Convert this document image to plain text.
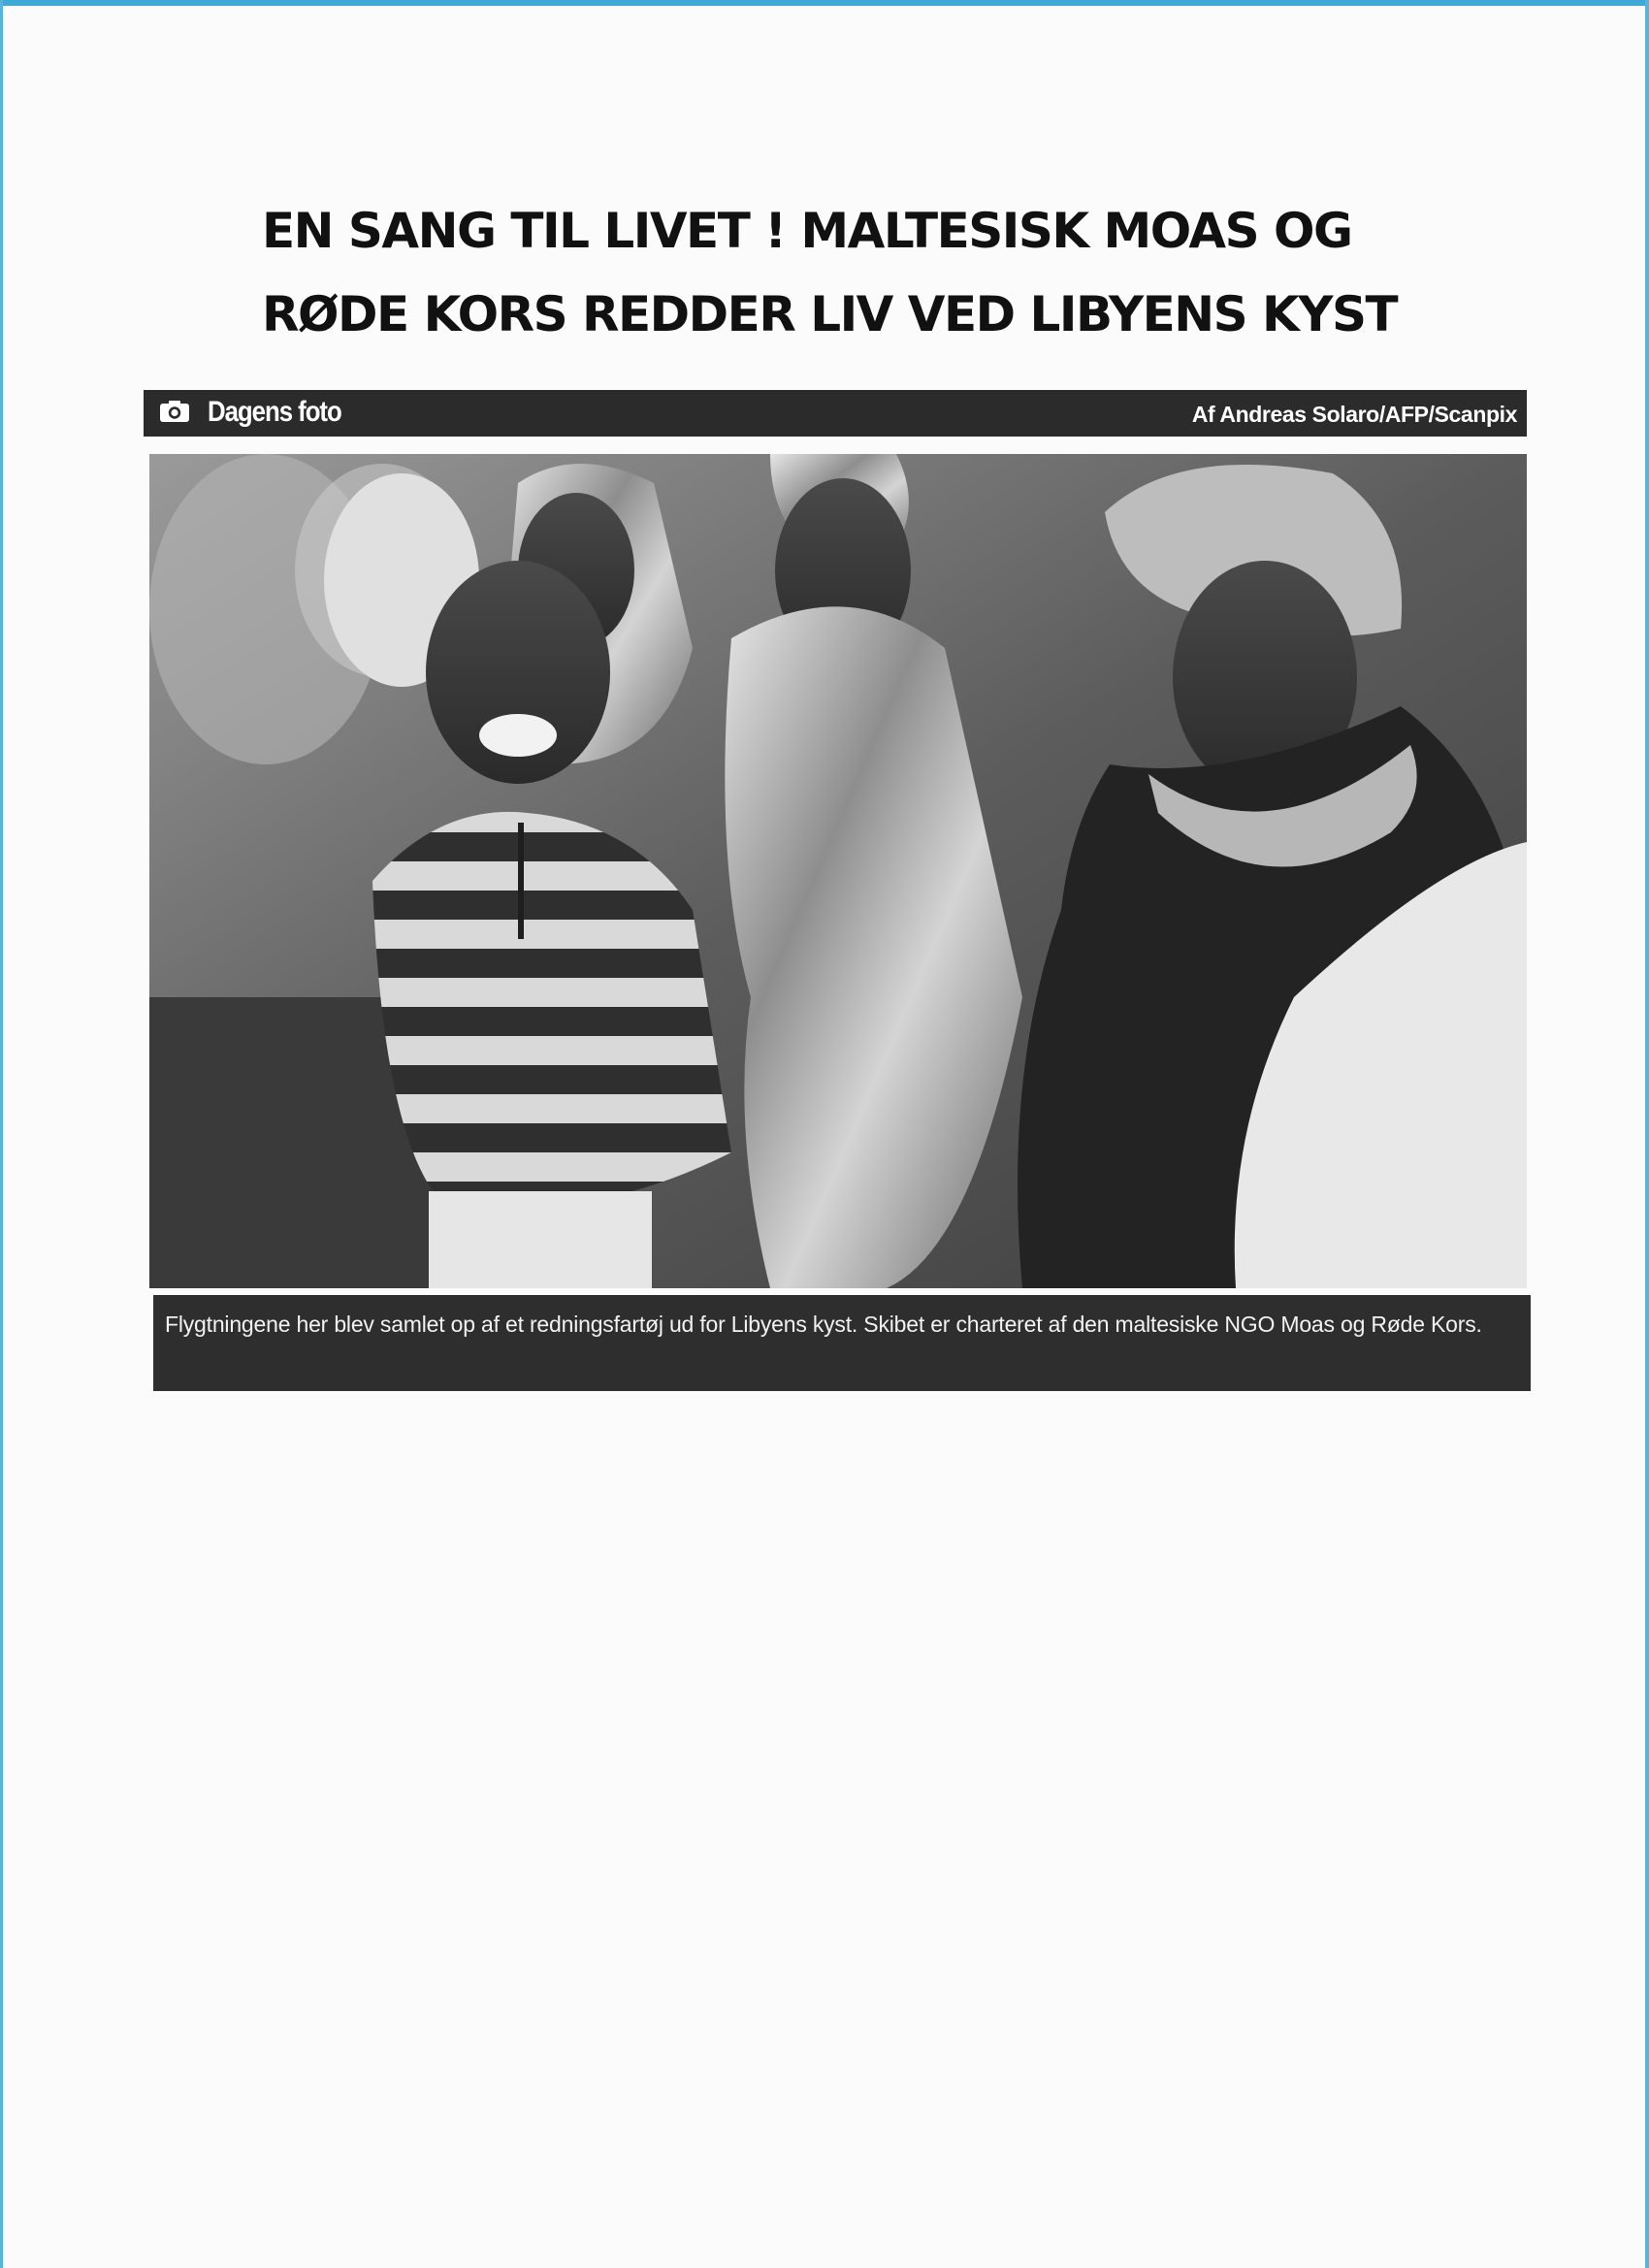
EN SANG TIL LIVET ! MALTESISK MOAS OG
RØDE KORS REDDER LIV VED LIBYENS KYST
Dagens foto	Af Andreas Solaro/AFP/Scanpix
Flygtningene her blev samlet op af et redningsfartøj ud for Libyens kyst. Skibet er charteret af den maltesiske NGO Moas og Røde Kors.
